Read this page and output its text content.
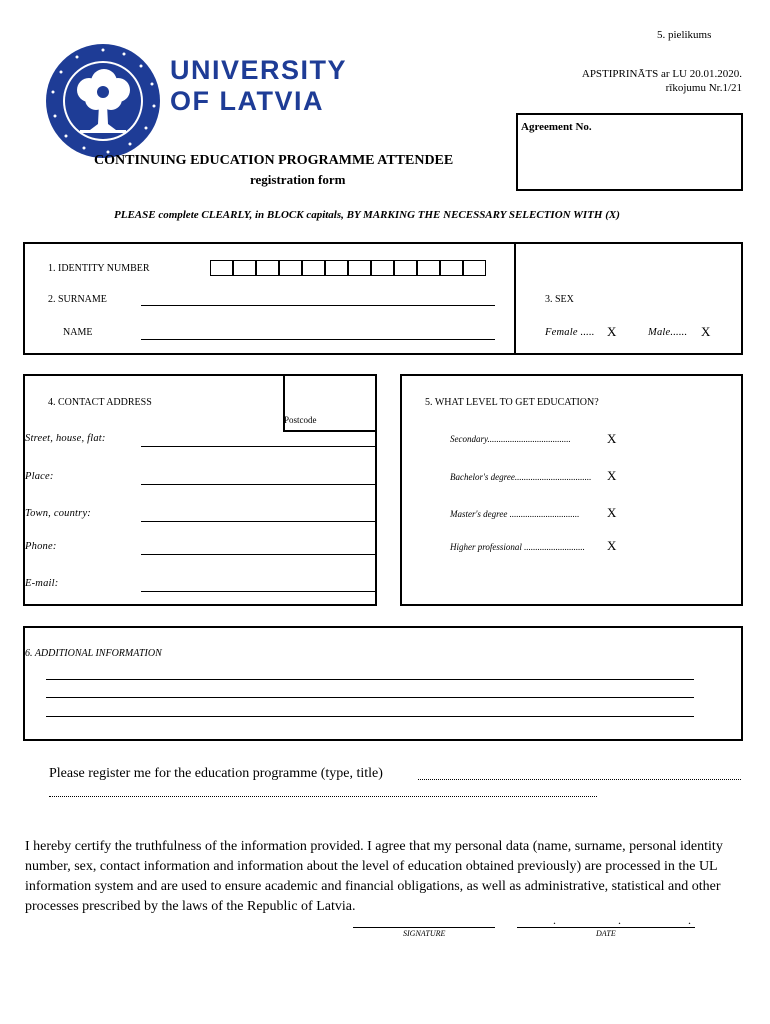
5. pielikums
UNIVERSITY
OF LATVIA
APSTIPRINĀTS ar LU 20.01.2020.
rīkojumu Nr.1/21
Agreement No.
CONTINUING EDUCATION PROGRAMME ATTENDEE
registration form
PLEASE complete CLEARLY, in BLOCK capitals, BY MARKING THE NECESSARY SELECTION WITH (X)
1. IDENTITY NUMBER
2. SURNAME
NAME
3. SEX
Female ..... X	Male...... X
4. CONTACT ADDRESS
Postcode
Street, house, flat:
Place:
Town, country:
Phone:
E-mail:
5. WHAT LEVEL TO GET EDUCATION?
Secondary.....................................	X
Bachelor's degree.................................. X
Master's degree ............................... X
Higher professional ........................... X
6. ADDITIONAL INFORMATION
Please register me for the education programme (type, title)
I hereby certify the truthfulness of the information provided. I agree that my personal data (name, surname, personal identity number, sex, contact information and information about the level of education obtained previously) are processed in the UL information system and are used to ensure academic and financial obligations, as well as administrative, statistical and other processes prescribed by the laws of the Republic of Latvia.
SIGNATURE
.	.	.
DATE
